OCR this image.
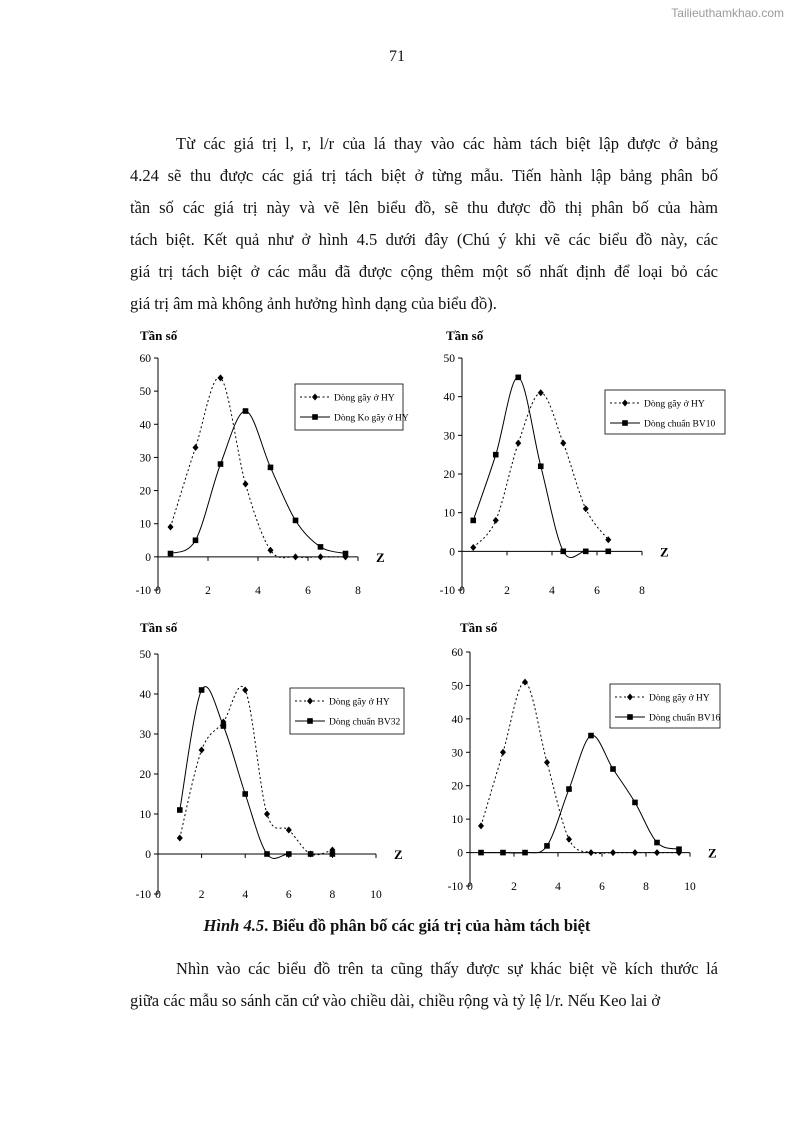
Tailieuthamkhao.com
71
Từ các giá trị l, r, l/r của lá thay vào các hàm tách biệt lập được ở bảng
4.24 sẽ thu được các giá trị tách biệt ở từng mẫu. Tiến hành lập bảng phân bố
tần số các giá trị này và vẽ lên biểu đồ, sẽ thu được đồ thị phân bố của hàm
tách biệt. Kết quả như ở hình 4.5 dưới đây (Chú ý khi vẽ các biểu đồ này, các
giá trị tách biệt ở các mẫu đã được cộng thêm một số nhất định để loại bỏ các
giá trị âm mà không ảnh hưởng hình dạng của biểu đồ).
Tần số
-10
0
10
20
30
40
50
60
0	2	4	6	8
Z
Dòng gãy ở HY
Dòng Ko gãy ở HY
Tần số
-10
0
10
20
30
40
50
0	2	4	6	8
Z
Dòng gãy ở HY
Dòng chuẩn BV10
Tần số
-10
0
10
20
30
40
50
0	2	4	6	8	10
Z
Dòng gãy ở HY
Dòng chuẩn BV32
Tần số
-10
0
10
20
30
40
50
60
0	2	4	6	8	10
Z
Dòng gãy ở HY
Dòng chuẩn BV16
Hình 4.5. Biểu đồ phân bố các giá trị của hàm tách biệt
Nhìn vào các biểu đồ trên ta cũng thấy được sự khác biệt về kích thước lá
giữa các mẫu so sánh căn cứ vào chiều dài, chiều rộng và tỷ lệ l/r. Nếu Keo lai ở
